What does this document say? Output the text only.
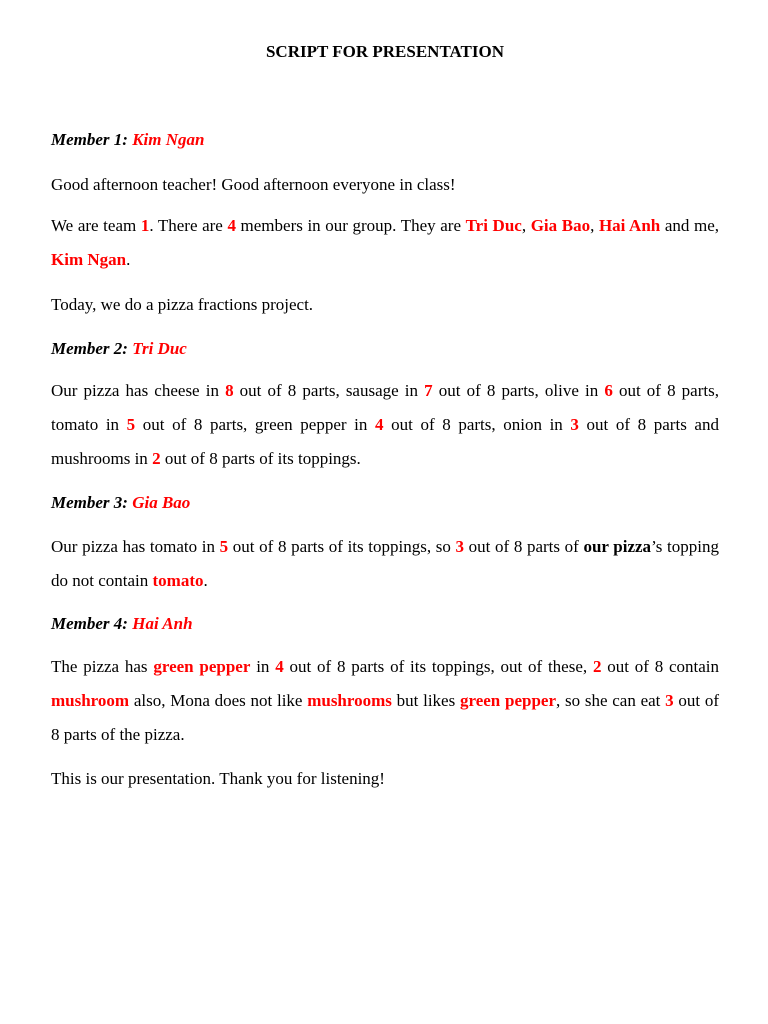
SCRIPT FOR PRESENTATION
Member 1: Kim Ngan

Good afternoon teacher! Good afternoon everyone in class!

We are team 1. There are 4 members in our group. They are Tri Duc, Gia Bao, Hai Anh and me, Kim Ngan.

Today, we do a pizza fractions project.

Member 2: Tri Duc

Our pizza has cheese in 8 out of 8 parts, sausage in 7 out of 8 parts, olive in 6 out of 8 parts, tomato in 5 out of 8 parts, green pepper in 4 out of 8 parts, onion in 3 out of 8 parts and mushrooms in 2 out of 8 parts of its toppings.

Member 3: Gia Bao

Our pizza has tomato in 5 out of 8 parts of its toppings, so 3 out of 8 parts of our pizza’s topping do not contain tomato.

Member 4: Hai Anh

The pizza has green pepper in 4 out of 8 parts of its toppings, out of these, 2 out of 8 contain mushroom also, Mona does not like mushrooms but likes green pepper, so she can eat 3 out of 8 parts of the pizza.

This is our presentation. Thank you for listening!
